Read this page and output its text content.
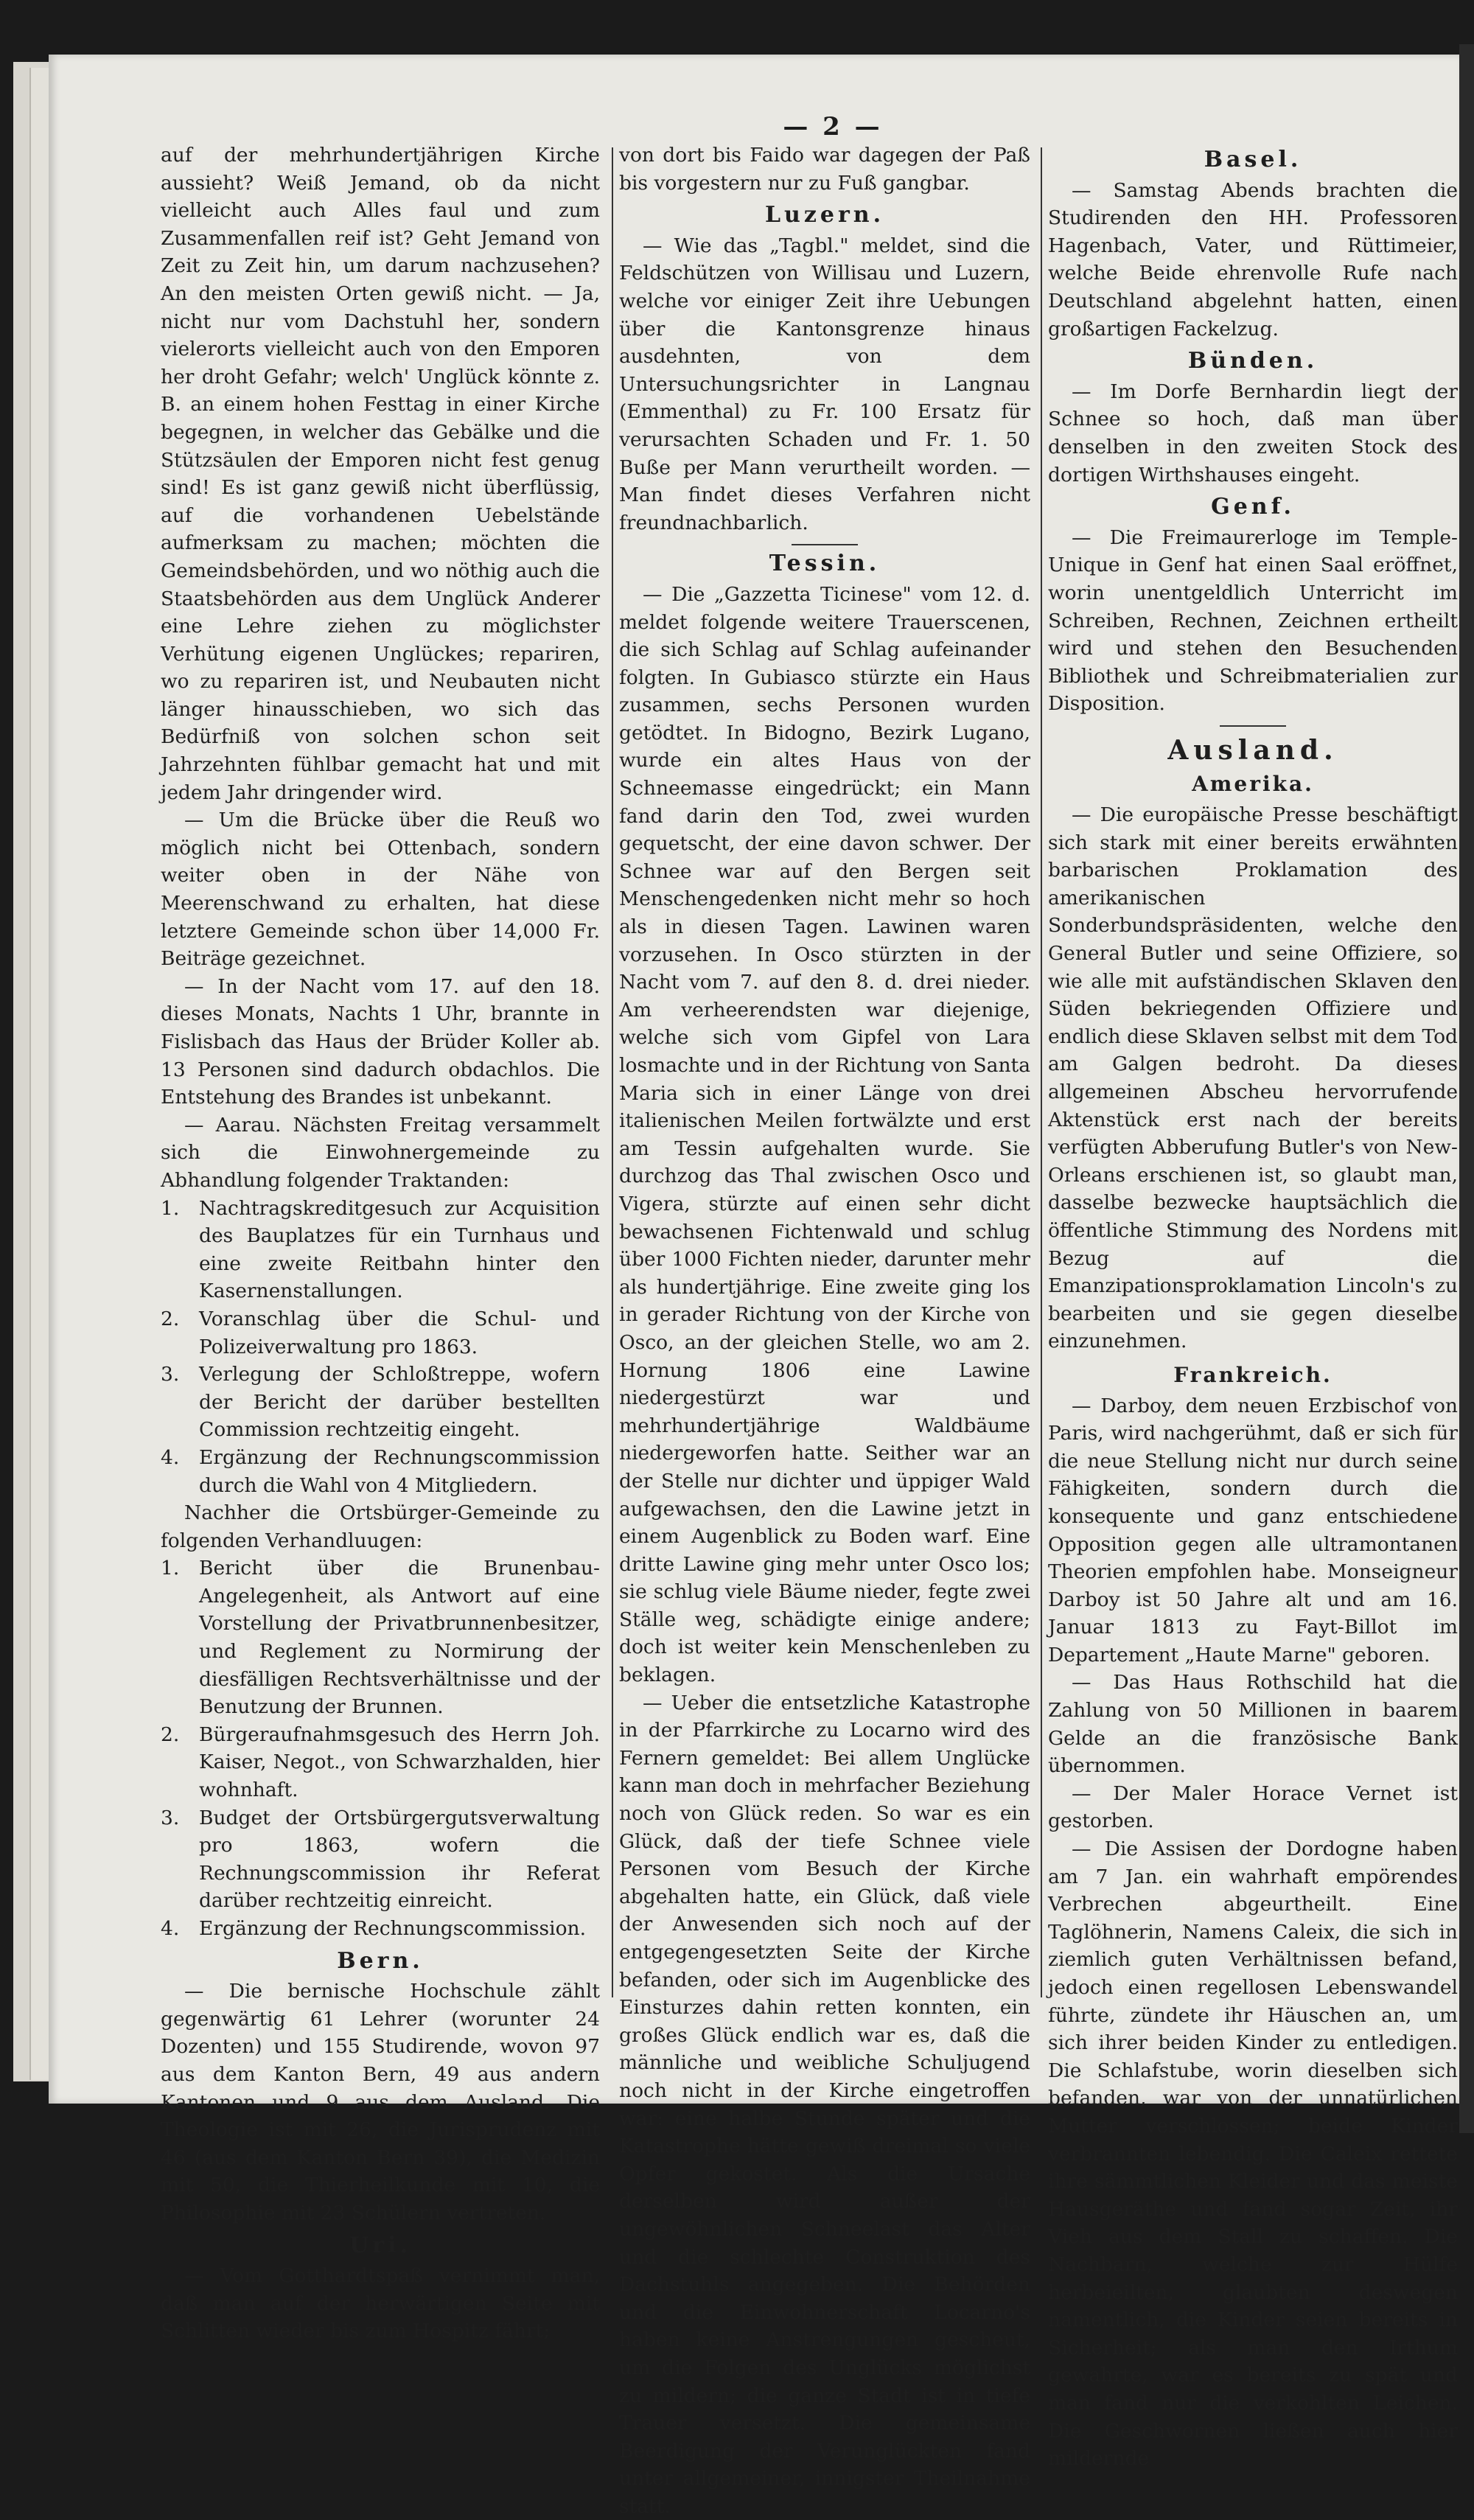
— 2 —

auf der mehrhundertjährigen Kirche aussieht? Weiß Jemand, ob da nicht vielleicht auch Alles faul und zum Zusammenfallen reif ist? Geht Jemand von Zeit zu Zeit hin, um darum nachzusehen? An den meisten Orten gewiß nicht. — Ja, nicht nur vom Dachstuhl her, sondern vielerorts vielleicht auch von den Emporen her droht Gefahr; welch' Unglück könnte z. B. an einem hohen Festtag in einer Kirche begegnen, in welcher das Gebälke und die Stützsäulen der Emporen nicht fest genug sind! Es ist ganz gewiß nicht überflüssig, auf die vorhandenen Uebelstände aufmerksam zu machen; möchten die Gemeindsbehörden, und wo nöthig auch die Staatsbehörden aus dem Unglück Anderer eine Lehre ziehen zu möglichster Verhütung eigenen Unglückes; repariren, wo zu repariren ist, und Neubauten nicht länger hinausschieben, wo sich das Bedürfniß von solchen schon seit Jahrzehnten fühlbar gemacht hat und mit jedem Jahr dringender wird.

— Um die Brücke über die Reuß wo möglich nicht bei Ottenbach, sondern weiter oben in der Nähe von Meerenschwand zu erhalten, hat diese letztere Gemeinde schon über 14,000 Fr. Beiträge gezeichnet.

— In der Nacht vom 17. auf den 18. dieses Monats, Nachts 1 Uhr, brannte in Fislisbach das Haus der Brüder Koller ab. 13 Personen sind dadurch obdachlos. Die Entstehung des Brandes ist unbekannt.

— Aarau. Nächsten Freitag versammelt sich die Einwohnergemeinde zu Abhandlung folgender Traktanden:

1.	Nachtragskreditgesuch zur Acquisition des Bauplatzes für ein Turnhaus und eine zweite Reitbahn hinter den Kasernenstallungen.
2.	Voranschlag über die Schul- und Polizeiverwaltung pro 1863.
3.	Verlegung der Schloßtreppe, wofern der Bericht der darüber bestellten Commission rechtzeitig eingeht.
4.	Ergänzung der Rechnungscommission durch die Wahl von 4 Mitgliedern.

Nachher die Ortsbürger-Gemeinde zu folgenden Verhandluugen:

1.	Bericht über die Brunenbau-Angelegenheit, als Antwort auf eine Vorstellung der Privatbrunnenbesitzer, und Reglement zu Normirung der diesfälligen Rechtsverhältnisse und der Benutzung der Brunnen.
2.	Bürgeraufnahmsgesuch des Herrn Joh. Kaiser, Negot., von Schwarzhalden, hier wohnhaft.
3.	Budget der Ortsbürgergutsverwaltung pro 1863, wofern die Rechnungscommission ihr Referat darüber rechtzeitig einreicht.
4.	Ergänzung der Rechnungscommission.
Bern.

— Die bernische Hochschule zählt gegenwärtig 61 Lehrer (worunter 24 Dozenten) und 155 Studirende, wovon 97 aus dem Kanton Bern, 49 aus andern Kantonen und 9 aus dem Ausland. Die Theologie ist mit 26, die Jurisprudenz mit 46 (aus dem Kanton Bern 39), die Medizin mit 50, die Thierheilkunde mit 10, die Philosophie mit 23 Schülern vertreten.

Uri.

— Vom Gotthardtspaß vernimmt man, daß man auf der herwärtigen Seite mit Schlitten wieder bis zum Hospitz fährt;

von dort bis Faido war dagegen der Paß bis vorgestern nur zu Fuß gangbar.

Luzern.

— Wie das „Tagbl." meldet, sind die Feldschützen von Willisau und Luzern, welche vor einiger Zeit ihre Uebungen über die Kantonsgrenze hinaus ausdehnten, von dem Untersuchungsrichter in Langnau (Emmenthal) zu Fr. 100 Ersatz für verursachten Schaden und Fr. 1. 50 Buße per Mann verurtheilt worden. — Man findet dieses Verfahren nicht freundnachbarlich.

Tessin.

— Die „Gazzetta Ticinese" vom 12. d. meldet folgende weitere Trauerscenen, die sich Schlag auf Schlag aufeinander folgten. In Gubiasco stürzte ein Haus zusammen, sechs Personen wurden getödtet. In Bidogno, Bezirk Lugano, wurde ein altes Haus von der Schneemasse eingedrückt; ein Mann fand darin den Tod, zwei wurden gequetscht, der eine davon schwer. Der Schnee war auf den Bergen seit Menschengedenken nicht mehr so hoch als in diesen Tagen. Lawinen waren vorzusehen. In Osco stürzten in der Nacht vom 7. auf den 8. d. drei nieder. Am verheerendsten war diejenige, welche sich vom Gipfel von Lara losmachte und in der Richtung von Santa Maria sich in einer Länge von drei italienischen Meilen fortwälzte und erst am Tessin aufgehalten wurde. Sie durchzog das Thal zwischen Osco und Vigera, stürzte auf einen sehr dicht bewachsenen Fichtenwald und schlug über 1000 Fichten nieder, darunter mehr als hundertjährige. Eine zweite ging los in gerader Richtung von der Kirche von Osco, an der gleichen Stelle, wo am 2. Hornung 1806 eine Lawine niedergestürzt war und mehrhundertjährige Waldbäume niedergeworfen hatte. Seither war an der Stelle nur dichter und üppiger Wald aufgewachsen, den die Lawine jetzt in einem Augenblick zu Boden warf. Eine dritte Lawine ging mehr unter Osco los; sie schlug viele Bäume nieder, fegte zwei Ställe weg, schädigte einige andere; doch ist weiter kein Menschenleben zu beklagen.

— Ueber die entsetzliche Katastrophe in der Pfarrkirche zu Locarno wird des Fernern gemeldet: Bei allem Unglücke kann man doch in mehrfacher Beziehung noch von Glück reden. So war es ein Glück, daß der tiefe Schnee viele Personen vom Besuch der Kirche abgehalten hatte, ein Glück, daß viele der Anwesenden sich noch auf der entgegengesetzten Seite der Kirche befanden, oder sich im Augenblicke des Einsturzes dahin retten konnten, ein großes Glück endlich war es, daß die männliche und weibliche Schuljugend noch nicht in der Kirche eingetroffen war: eine halbe Stunde später und die Katastrophe hätte gewiß dreimal so viele Opfer gekostet. Als die Ursache derselben wird außer der ungewöhnlichen Schneelast das Alter und die schlechte Construktion des Dachstuhls angegeben. Die Behörden und die Einwohnerschaft Locarno's haben keine Anstrengungen gescheut, um die Folgen des Unglücks möglichst zu mildern; die ganze Stadt ist in tiefe Trauer versetzt. Die gemeinsame Beerdigung der Verunglückten fand unter allgemeiner, innigster Theilnahme statt.

Basel.

— Samstag Abends brachten die Studirenden den HH. Professoren Hagenbach, Vater, und Rüttimeier, welche Beide ehrenvolle Rufe nach Deutschland abgelehnt hatten, einen großartigen Fackelzug.

Bünden.

— Im Dorfe Bernhardin liegt der Schnee so hoch, daß man über denselben in den zweiten Stock des dortigen Wirthshauses eingeht.

Genf.

— Die Freimaurerloge im Temple-Unique in Genf hat einen Saal eröffnet, worin unentgeldlich Unterricht im Schreiben, Rechnen, Zeichnen ertheilt wird und stehen den Besuchenden Bibliothek und Schreibmaterialien zur Disposition.

Ausland.
Amerika.

— Die europäische Presse beschäftigt sich stark mit einer bereits erwähnten barbarischen Proklamation des amerikanischen Sonderbundspräsidenten, welche den General Butler und seine Offiziere, so wie alle mit aufständischen Sklaven den Süden bekriegenden Offiziere und endlich diese Sklaven selbst mit dem Tod am Galgen bedroht. Da dieses allgemeinen Abscheu hervorrufende Aktenstück erst nach der bereits verfügten Abberufung Butler's von New-Orleans erschienen ist, so glaubt man, dasselbe bezwecke hauptsächlich die öffentliche Stimmung des Nordens mit Bezug auf die Emanzipationsproklamation Lincoln's zu bearbeiten und sie gegen dieselbe einzunehmen.

Frankreich.

— Darboy, dem neuen Erzbischof von Paris, wird nachgerühmt, daß er sich für die neue Stellung nicht nur durch seine Fähigkeiten, sondern durch die konsequente und ganz entschiedene Opposition gegen alle ultramontanen Theorien empfohlen habe. Monseigneur Darboy ist 50 Jahre alt und am 16. Januar 1813 zu Fayt-Billot im Departement „Haute Marne" geboren.

— Das Haus Rothschild hat die Zahlung von 50 Millionen in baarem Gelde an die französische Bank übernommen.

— Der Maler Horace Vernet ist gestorben.

— Die Assisen der Dordogne haben am 7 Jan. ein wahrhaft empörendes Verbrechen abgeurtheilt. Eine Taglöhnerin, Namens Caleix, die sich in ziemlich guten Verhältnissen befand, jedoch einen regellosen Lebenswandel führte, zündete ihr Häuschen an, um sich ihrer beiden Kinder zu entledigen. Die Schlafstube, worin dieselben sich befanden, war von der unnatürlichen Mutter verschlossen; beide Kinder verbrannten lebendig. Die Caleix rettete ihre sämmtlichen Kleider und das meiste Hausgeräthe und fand sogar Zeit, ihr Vieh aus dem Stall zu schaffen. Die Nachbarn, welche zur Hülfe herbeieilten, glaubten deswegen namentlich, die Kinder seien bereits in Sicherheit; als man den Irthum gewahrte, war es bereits zu spät und man fand nur die verkohlten Leichen. Die Geschwornen ließen auch hier mildernde
